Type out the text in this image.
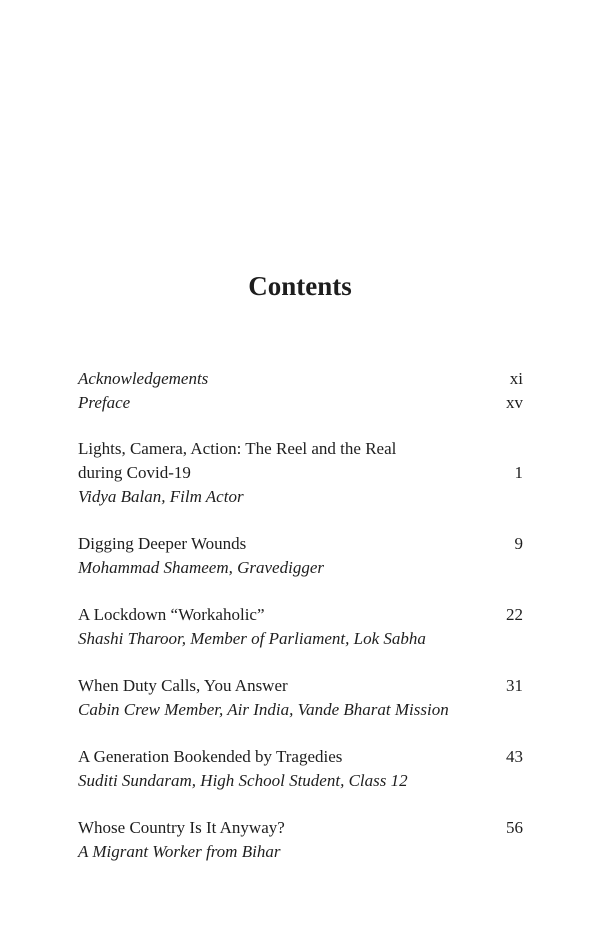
Contents
Acknowledgements	xi
Preface	xv
Lights, Camera, Action: The Reel and the Real
during Covid-19	1
Vidya Balan, Film Actor
Digging Deeper Wounds	9
Mohammad Shameem, Gravedigger
A Lockdown “Workaholic”	22
Shashi Tharoor, Member of Parliament, Lok Sabha
When Duty Calls, You Answer	31
Cabin Crew Member, Air India, Vande Bharat Mission
A Generation Bookended by Tragedies	43
Suditi Sundaram, High School Student, Class 12
Whose Country Is It Anyway?	56
A Migrant Worker from Bihar
